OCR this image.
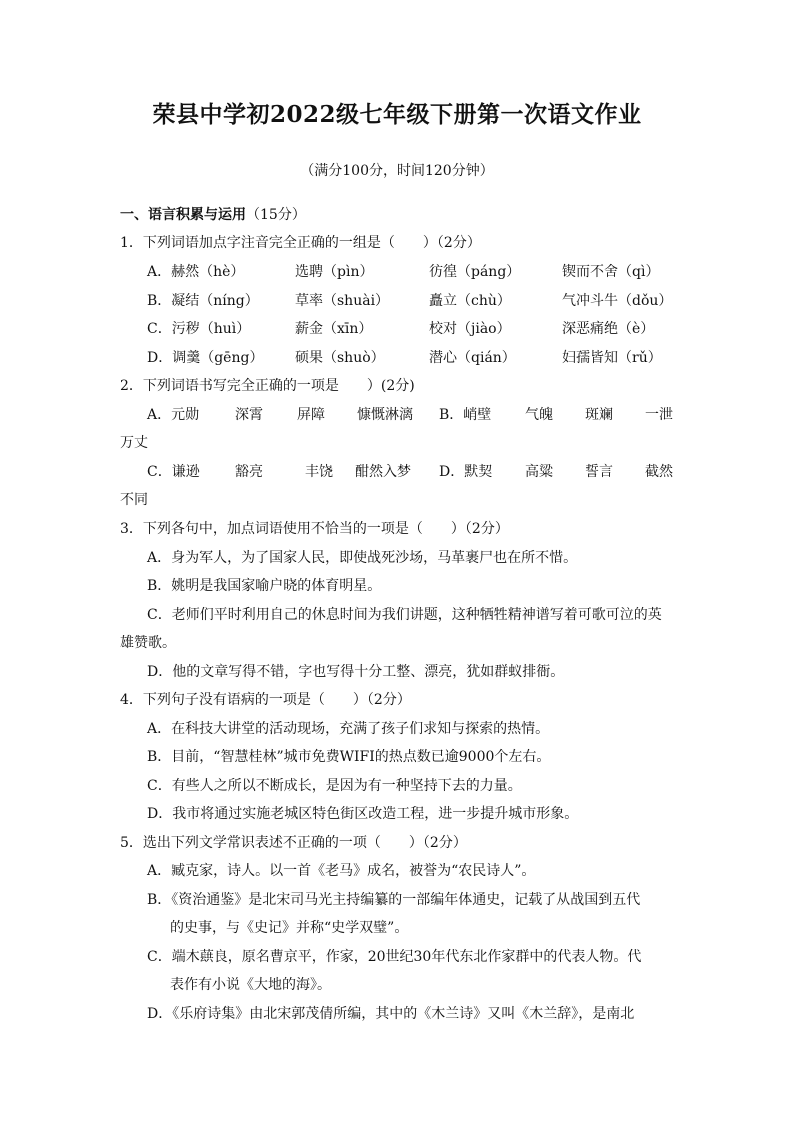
荣县中学初2022级七年级下册第一次语文作业
（满分100分，时间120分钟）
一、语言积累与运用（15分）
1．下列词语加点字注音完全正确的一组是（　　）（2分）
A．赫然（hè）	选聘（pìn）	彷徨（páng）	锲而不舍（qì）
B．凝结（níng）	草率（shuài）	矗立（chù）	气冲斗牛（dǒu）
C．污秽（huì）	薪金（xīn）	校对（jiào）	深恶痛绝（è）
D．调羹（gēng） 硕果（shuò）	潜心（qián）	妇孺皆知（rǔ）
2．下列词语书写完全正确的一项是　　）(2分)
A．元勋	深霄 屏障 慷慨淋漓 B．峭壁 气魄 斑斓 一泄
万丈
C．谦逊	豁亮	丰饶 酣然入梦 D．默契 高粱 誓言 截然
不同
3．下列各句中，加点词语使用不恰当的一项是（　　）（2分）
A．身为军人，为了国家人民，即使战死沙场，马革裹尸也在所不惜。
B．姚明是我国家喻户晓的体育明星。
C．老师们平时利用自己的休息时间为我们讲题，这种牺牲精神谱写着可歌可泣的英
雄赞歌。
D．他的文章写得不错，字也写得十分工整、漂亮，犹如群蚁排衙。
4．下列句子没有语病的一项是（　　）（2分）
A．在科技大讲堂的活动现场，充满了孩子们求知与探索的热情。
B．目前，“智慧桂林”城市免费WIFI的热点数已逾9000个左右。
C．有些人之所以不断成长，是因为有一种坚持下去的力量。
D．我市将通过实施老城区特色街区改造工程，进一步提升城市形象。
5．选出下列文学常识表述不正确的一项（　　）（2分）
A．臧克家，诗人。以一首《老马》成名，被誉为“农民诗人”。
B．《资治通鉴》是北宋司马光主持编纂的一部编年体通史，记载了从战国到五代
的史事，与《史记》并称“史学双璧”。
C．端木蕻良，原名曹京平，作家，20世纪30年代东北作家群中的代表人物。代
表作有小说《大地的海》。
D．《乐府诗集》由北宋郭茂倩所编，其中的《木兰诗》又叫《木兰辞》，是南北
